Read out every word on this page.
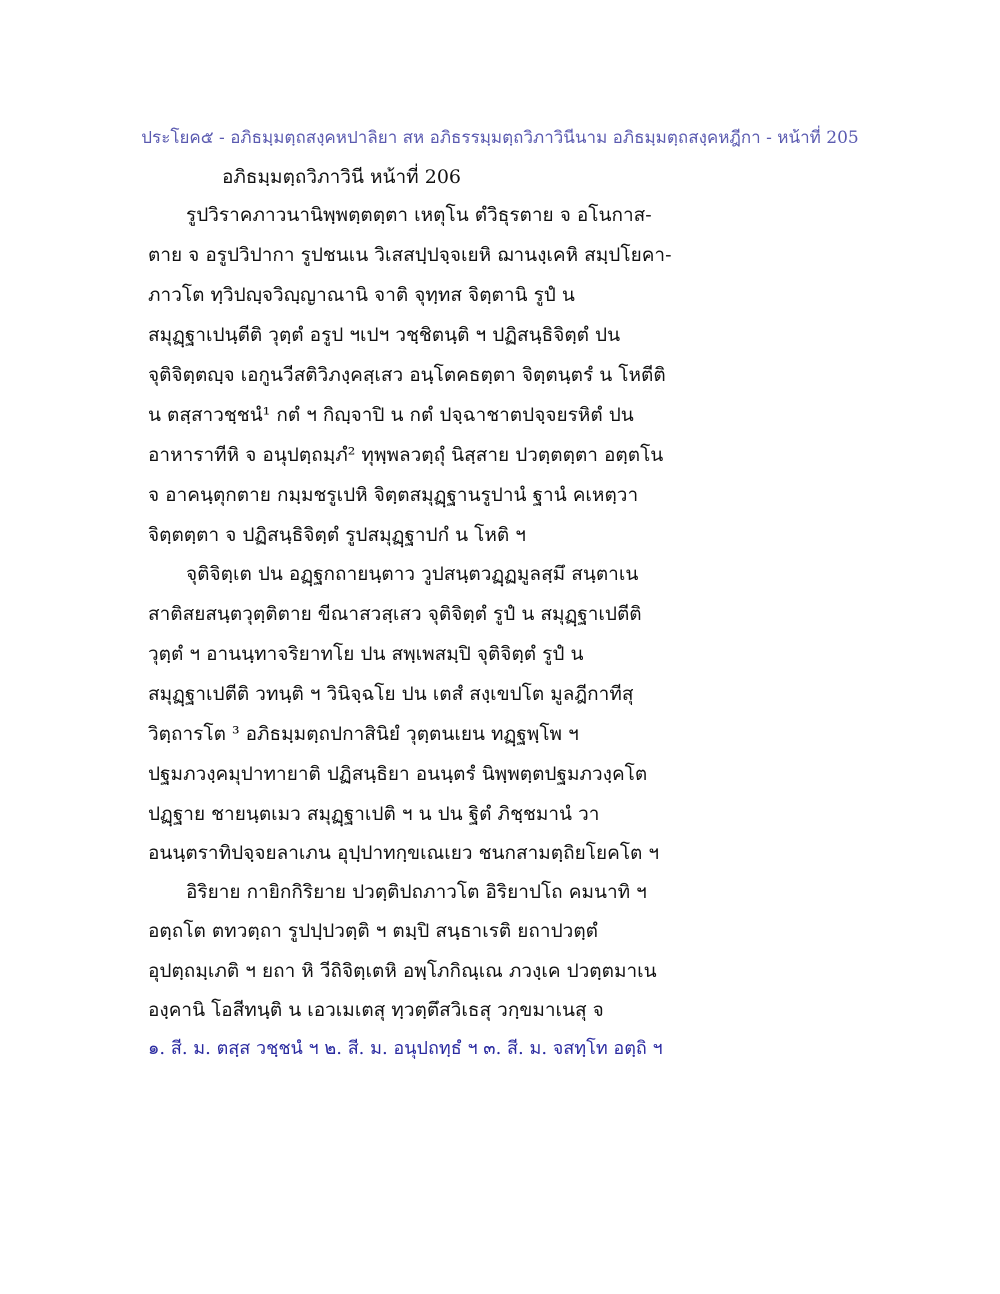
ประโยค๕ - อภิธมฺมตฺถสงฺคหปาลิยา สห อภิธรรมฺมตฺถวิภาวินีนาม อภิธมฺมตฺถสงฺคหฎีกา - หน้าที่ 205
อภิธมฺมตฺถวิภาวินี หน้าที่ 206
รูปวิราคภาวนานิพฺพตฺตตฺตา เหตุโน ตํวิธุรตาย จ อโนกาส-
ตาย จ อรูปวิปากา รูปชนเน วิเสสปฺปจฺจเยหิ ฌานงฺเคหิ สมฺปโยคา-
ภาวโต ทฺวิปญฺจวิญฺญาณานิ จาติ จุทฺทส จิตฺตานิ รูปํ น
สมุฏฺฐาเปนฺตีติ วุตฺตํ อรูป ฯเปฯ วชฺชิตนฺติ ฯ ปฏิสนฺธิจิตฺตํ ปน
จุติจิตฺตญฺจ เอกูนวีสติวิภงฺคสฺเสว อนฺโตคธตฺตา จิตฺตนฺตรํ น โหตีติ
น ตสฺสาวชฺชนํ¹ กตํ ฯ กิญฺจาปิ น กตํ ปจฺฉาชาตปจฺจยรหิตํ ปน
อาหาราทีหิ จ อนุปตฺถมฺภํ² ทุพฺพลวตฺถุํ นิสฺสาย ปวตฺตตฺตา อตฺตโน
จ อาคนฺตุกตาย กมฺมชรูเปหิ จิตฺตสมุฏฺฐานรูปานํ ฐานํ คเหตฺวา
จิตฺตตฺตา จ ปฏิสนฺธิจิตฺตํ รูปสมุฏฺฐาปกํ น โหติ ฯ
จุติจิตฺเต ปน อฏฺฐกถายนฺตาว วูปสนฺตวฏฺฏมูลสฺมึ สนฺตาเน
สาติสยสนฺตวุตฺติตาย ขีณาสวสฺเสว จุติจิตฺตํ รูปํ น สมุฏฺฐาเปตีติ
วุตฺตํ ฯ อานนฺทาจริยาทโย ปน สพฺเพสมฺปิ จุติจิตฺตํ รูปํ น
สมุฏฺฐาเปตีติ วทนฺติ ฯ วินิจฺฉโย ปน เตสํ สงฺเขปโต มูลฎีกาทีสุ
วิตฺถารโต ³ อภิธมฺมตฺถปกาสินิยํ วุตฺตนเยน ทฏฺฐพฺโพ ฯ
ปฐมภวงฺคมุปาทายาติ ปฏิสนฺธิยา อนนฺตรํ นิพฺพตฺตปฐมภวงฺคโต
ปฏฺฐาย ชายนฺตเมว สมุฏฺฐาเปติ ฯ น ปน ฐิตํ ภิชฺชมานํ วา
อนนฺตราทิปจฺจยลาเภน อุปฺปาทกฺขเณเยว ชนกสามตฺถิยโยคโต ฯ
อิริยาย กายิกกิริยาย ปวตฺติปถภาวโต อิริยาปโถ คมนาทิ ฯ
อตฺถโต ตทวตฺถา รูปปฺปวตฺติ ฯ ตมฺปิ สนฺธาเรติ ยถาปวตฺตํ
อุปตฺถมฺเภติ ฯ ยถา หิ วีถิจิตฺเตหิ อพฺโภกิณฺเณ ภวงฺเค ปวตฺตมาเน
องฺคานิ โอสีทนฺติ น เอวเมเตสุ ทฺวตฺตึสวิเธสุ วกฺขมาเนสุ จ
๑. สี. ม. ตสฺส วชฺชนํ ฯ ๒. สี. ม. อนุปถทฺธํ ฯ ๓. สี. ม. จสทฺโท อตฺถิ ฯ
